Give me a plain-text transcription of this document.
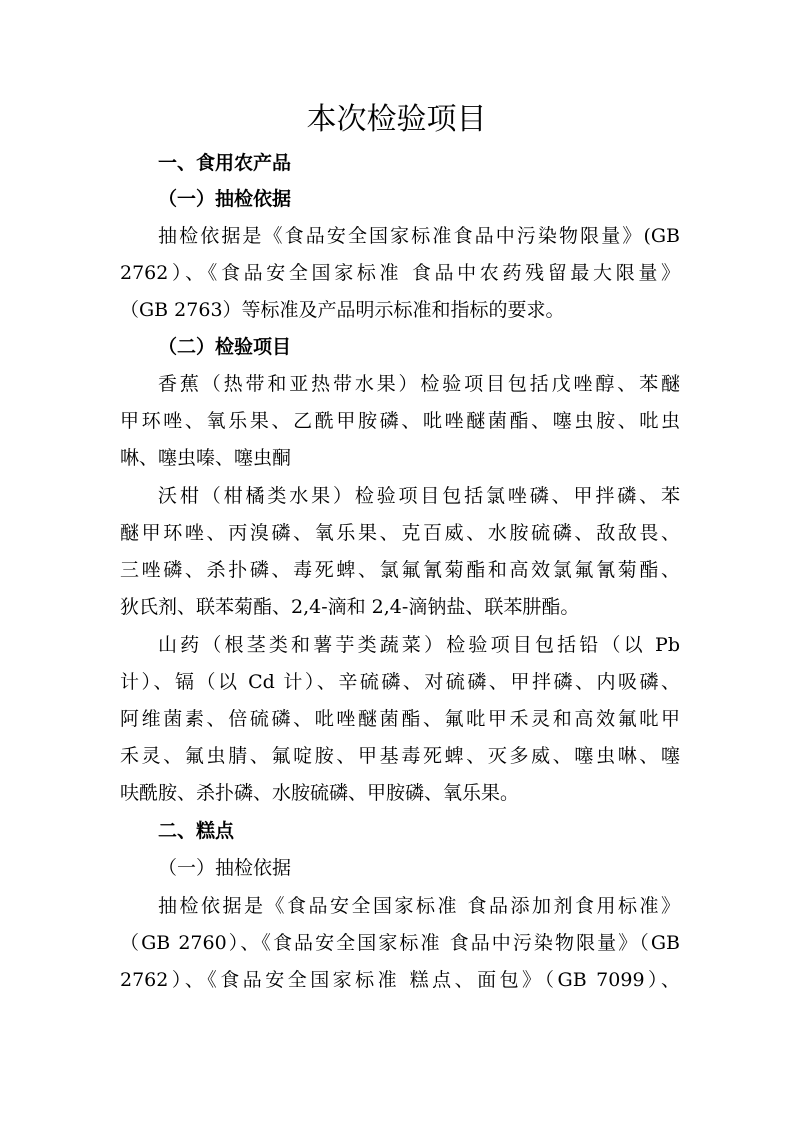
本次检验项目
一、食用农产品
（一）抽检依据
抽检依据是《食品安全国家标准食品中污染物限量》(GB
2762）、《食品安全国家标准 食品中农药残留最大限量》
（GB 2763）等标准及产品明示标准和指标的要求。
（二）检验项目
香蕉（热带和亚热带水果）检验项目包括戊唑醇、苯醚
甲环唑、氧乐果、乙酰甲胺磷、吡唑醚菌酯、噻虫胺、吡虫
啉、噻虫嗪、噻虫酮
沃柑（柑橘类水果）检验项目包括氯唑磷、甲拌磷、苯
醚甲环唑、丙溴磷、氧乐果、克百威、水胺硫磷、敌敌畏、
三唑磷、杀扑磷、毒死蜱、氯氟氰菊酯和高效氯氟氰菊酯、
狄氏剂、联苯菊酯、2,4-滴和 2,4-滴钠盐、联苯肼酯。
山药（根茎类和薯芋类蔬菜）检验项目包括铅（以 Pb
计）、镉（以 Cd 计）、辛硫磷、对硫磷、甲拌磷、内吸磷、
阿维菌素、倍硫磷、吡唑醚菌酯、氟吡甲禾灵和高效氟吡甲
禾灵、氟虫腈、氟啶胺、甲基毒死蜱、灭多威、噻虫啉、噻
呋酰胺、杀扑磷、水胺硫磷、甲胺磷、氧乐果。
二、糕点
（一）抽检依据
抽检依据是《食品安全国家标准 食品添加剂食用标准》
（GB 2760）、《食品安全国家标准 食品中污染物限量》（GB
2762）、《食品安全国家标准 糕点、面包》（GB 7099）、
